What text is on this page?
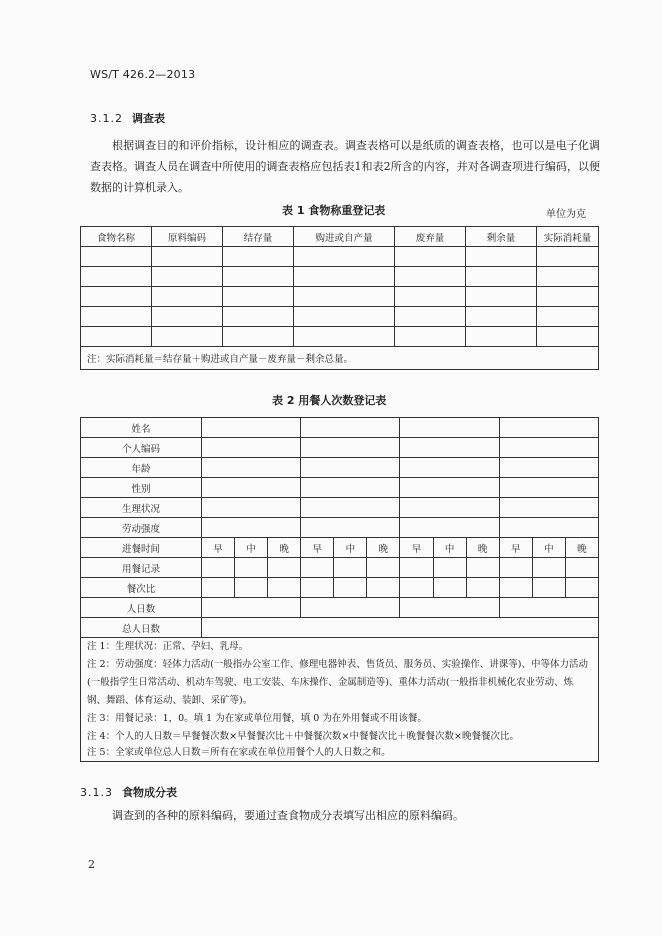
WS/T 426.2—2013
3.1.2 调查表
根据调查目的和评价指标，设计相应的调查表。调查表格可以是纸质的调查表格，也可以是电子化调查表格。调查人员在调查中所使用的调查表格应包括表1和表2所含的内容，并对各调查项进行编码，以便数据的计算机录入。
表 1 食物称重登记表	单位为克
食物名称	原料编码	结存量	购进或自产量	废弃量	剩余量	实际消耗量

注：实际消耗量＝结存量＋购进或自产量－废弃量－剩余总量。						
表 2 用餐人次数登记表
姓名												
个人编码												
年龄												
性别												
生理状况												
劳动强度												
进餐时间	早	中	晚	早	中	晚	早	中	晚	早	中	晚
用餐记录												
餐次比												
人日数												
总人日数												
注 1：生理状况：正常、孕妇、乳母。
注 2：劳动强度：轻体力活动(一般指办公室工作、修理电器钟表、售货员、服务员、实验操作、讲课等)、中等体力活动(一般指学生日常活动、机动车驾驶、电工安装、车床操作、金属制造等)、重体力活动(一般指非机械化农业劳动、炼钢、舞蹈、体育运动、装卸、采矿等)。
注 3：用餐记录：1，0。填 1 为在家或单位用餐，填 0 为在外用餐或不用该餐。
注 4：个人的人日数＝早餐餐次数×早餐餐次比＋中餐餐次数×中餐餐次比＋晚餐餐次数×晚餐餐次比。
注 5：全家或单位总人日数＝所有在家或在单位用餐个人的人日数之和。
3.1.3 食物成分表
调查到的各种的原料编码，要通过查食物成分表填写出相应的原料编码。
2
